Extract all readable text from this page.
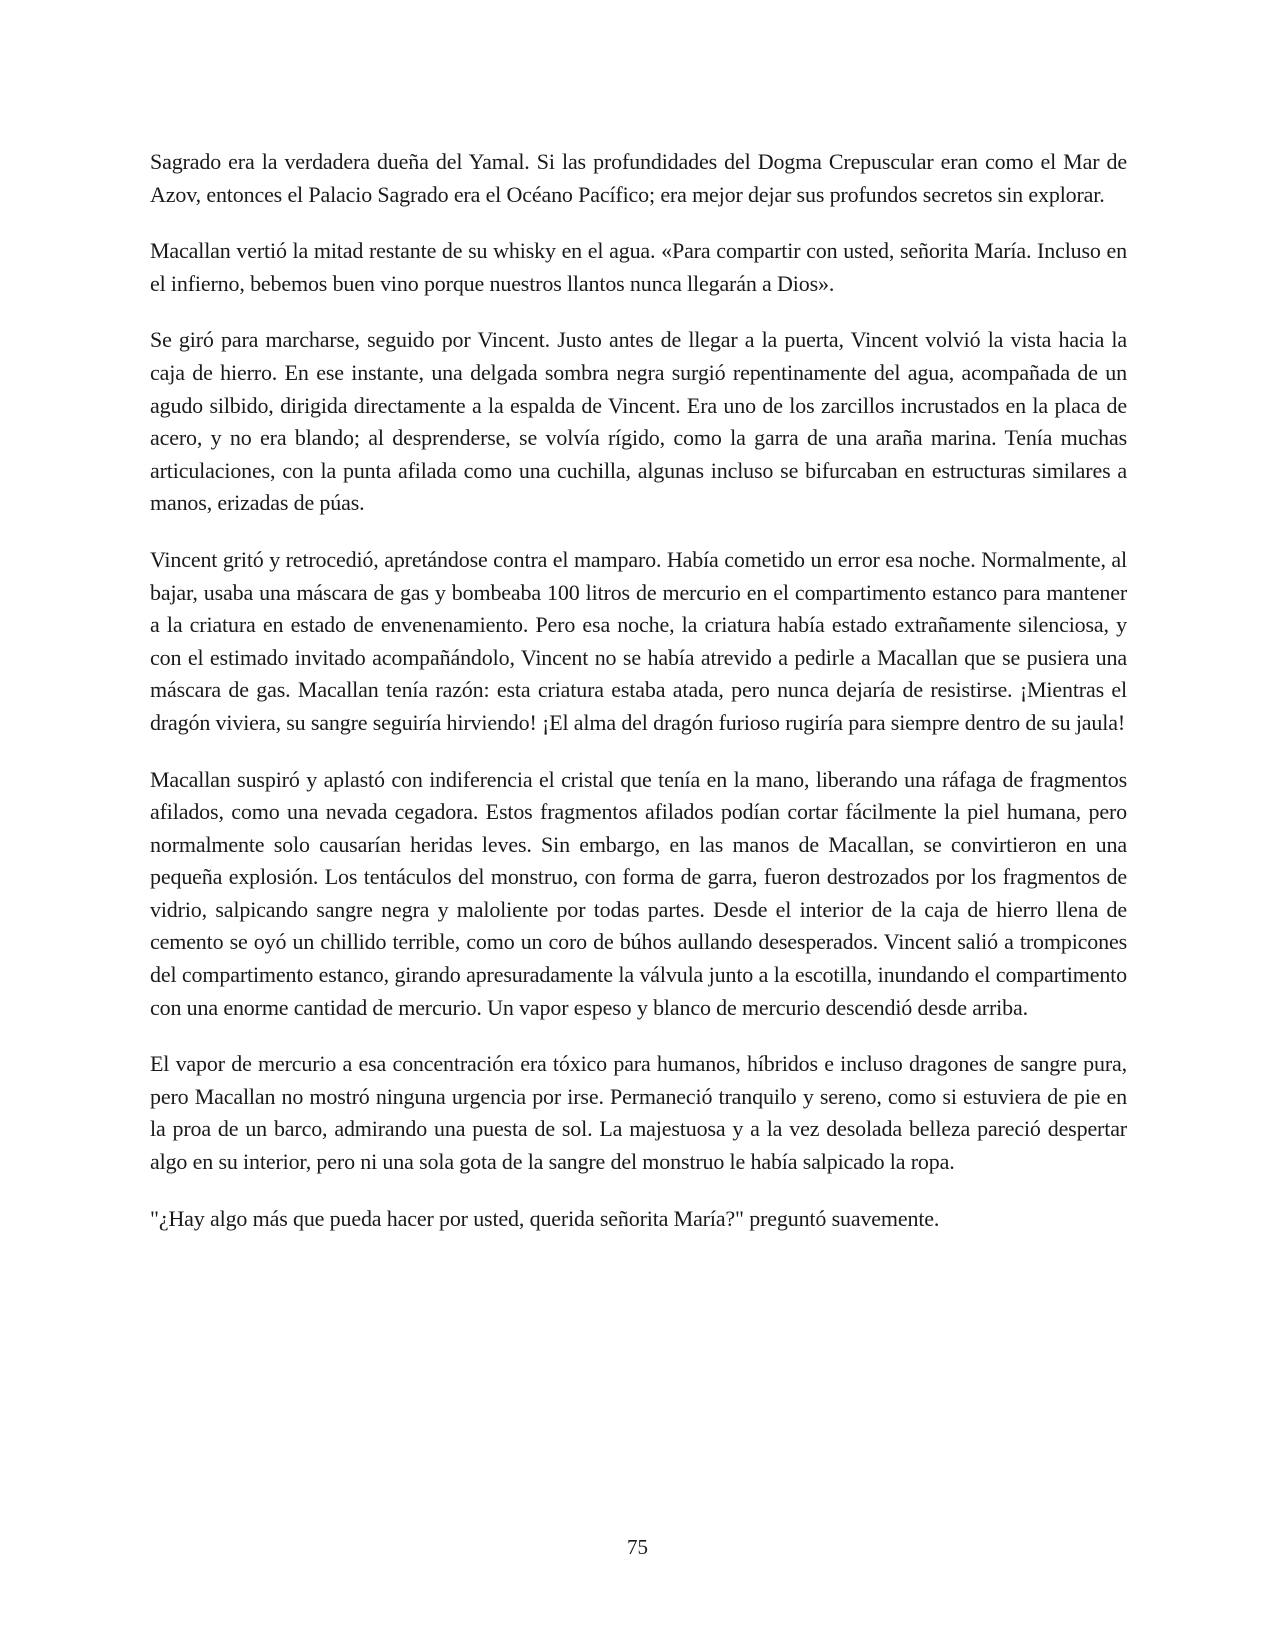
Sagrado era la verdadera dueña del Yamal. Si las profundidades del Dogma Crepuscular eran como el Mar de Azov, entonces el Palacio Sagrado era el Océano Pacífico; era mejor dejar sus profundos secretos sin explorar.

Macallan vertió la mitad restante de su whisky en el agua. «Para compartir con usted, señorita María. Incluso en el infierno, bebemos buen vino porque nuestros llantos nunca llegarán a Dios».

Se giró para marcharse, seguido por Vincent. Justo antes de llegar a la puerta, Vincent volvió la vista hacia la caja de hierro. En ese instante, una delgada sombra negra surgió repentinamente del agua, acompañada de un agudo silbido, dirigida directamente a la espalda de Vincent. Era uno de los zarcillos incrustados en la placa de acero, y no era blando; al desprenderse, se volvía rígido, como la garra de una araña marina. Tenía muchas articulaciones, con la punta afilada como una cuchilla, algunas incluso se bifurcaban en estructuras similares a manos, erizadas de púas.

Vincent gritó y retrocedió, apretándose contra el mamparo. Había cometido un error esa noche. Normalmente, al bajar, usaba una máscara de gas y bombeaba 100 litros de mercurio en el compartimento estanco para mantener a la criatura en estado de envenenamiento. Pero esa noche, la criatura había estado extrañamente silenciosa, y con el estimado invitado acompañándolo, Vincent no se había atrevido a pedirle a Macallan que se pusiera una máscara de gas. Macallan tenía razón: esta criatura estaba atada, pero nunca dejaría de resistirse. ¡Mientras el dragón viviera, su sangre seguiría hirviendo! ¡El alma del dragón furioso rugiría para siempre dentro de su jaula!

Macallan suspiró y aplastó con indiferencia el cristal que tenía en la mano, liberando una ráfaga de fragmentos afilados, como una nevada cegadora. Estos fragmentos afilados podían cortar fácilmente la piel humana, pero normalmente solo causarían heridas leves. Sin embargo, en las manos de Macallan, se convirtieron en una pequeña explosión. Los tentáculos del monstruo, con forma de garra, fueron destrozados por los fragmentos de vidrio, salpicando sangre negra y maloliente por todas partes. Desde el interior de la caja de hierro llena de cemento se oyó un chillido terrible, como un coro de búhos aullando desesperados. Vincent salió a trompicones del compartimento estanco, girando apresuradamente la válvula junto a la escotilla, inundando el compartimento con una enorme cantidad de mercurio. Un vapor espeso y blanco de mercurio descendió desde arriba.

El vapor de mercurio a esa concentración era tóxico para humanos, híbridos e incluso dragones de sangre pura, pero Macallan no mostró ninguna urgencia por irse. Permaneció tranquilo y sereno, como si estuviera de pie en la proa de un barco, admirando una puesta de sol. La majestuosa y a la vez desolada belleza pareció despertar algo en su interior, pero ni una sola gota de la sangre del monstruo le había salpicado la ropa.

"¿Hay algo más que pueda hacer por usted, querida señorita María?" preguntó suavemente.

75
